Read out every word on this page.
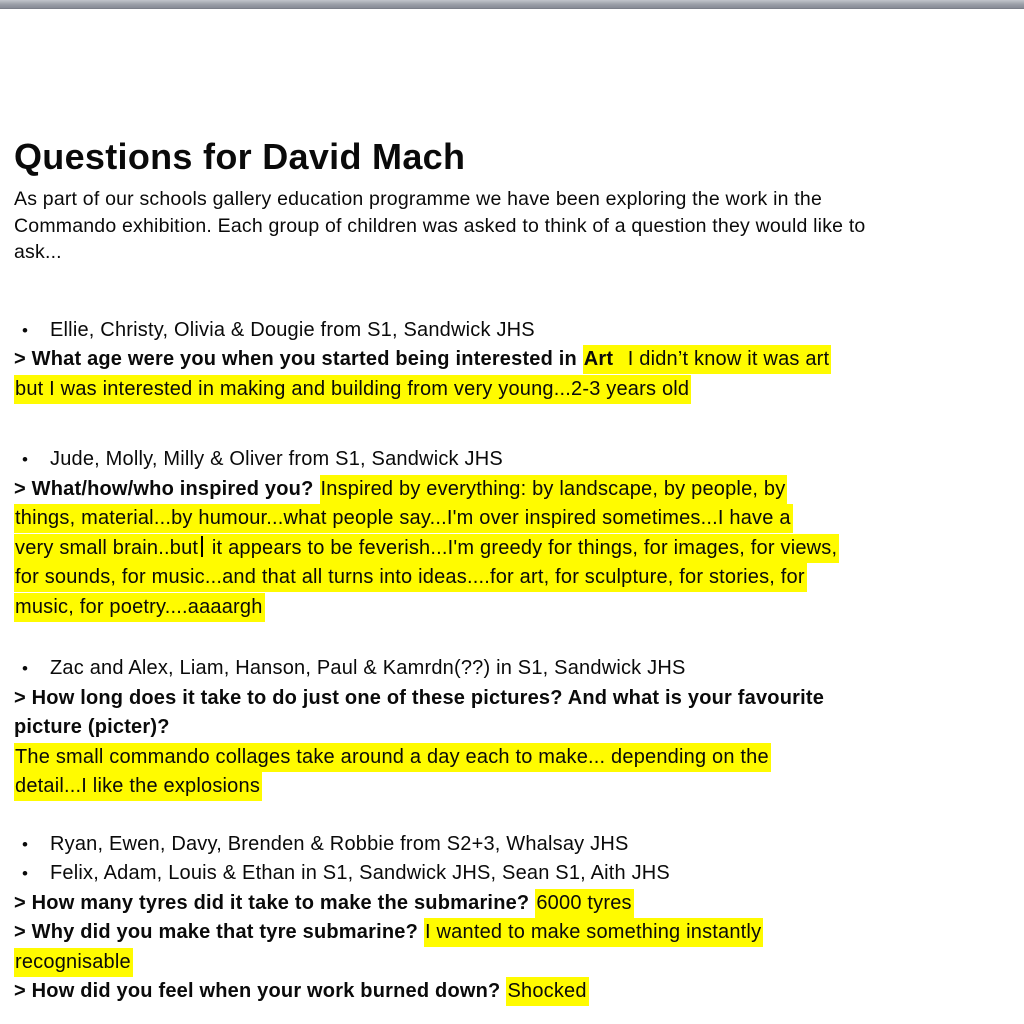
Questions for David Mach
As part of our schools gallery education programme we have been exploring the work in the
Commando exhibition. Each group of children was asked to think of a question they would like to
ask...
• Ellie, Christy, Olivia & Dougie from S1, Sandwick JHS
> What age were you when you started being interested in Art  I didn’t know it was art
but I was interested in making and building from very young...2-3 years old
• Jude, Molly, Milly & Oliver from S1, Sandwick JHS
> What/how/who inspired you? Inspired by everything: by landscape, by people, by
things, material...by humour...what people say...I'm over inspired sometimes...I have a
very small brain..but it appears to be feverish...I'm greedy for things, for images, for views,
for sounds, for music...and that all turns into ideas....for art, for sculpture, for stories, for
music, for poetry....aaaargh
• Zac and Alex, Liam, Hanson, Paul & Kamrdn(??) in S1, Sandwick JHS
> How long does it take to do just one of these pictures? And what is your favourite
picture (picter)?
The small commando collages take around a day each to make... depending on the
detail...I like the explosions
• Ryan, Ewen, Davy, Brenden & Robbie from S2+3, Whalsay JHS
• Felix, Adam, Louis & Ethan in S1, Sandwick JHS, Sean S1, Aith JHS
> How many tyres did it take to make the submarine? 6000 tyres
> Why did you make that tyre submarine? I wanted to make something instantly
recognisable
> How did you feel when your work burned down? Shocked
